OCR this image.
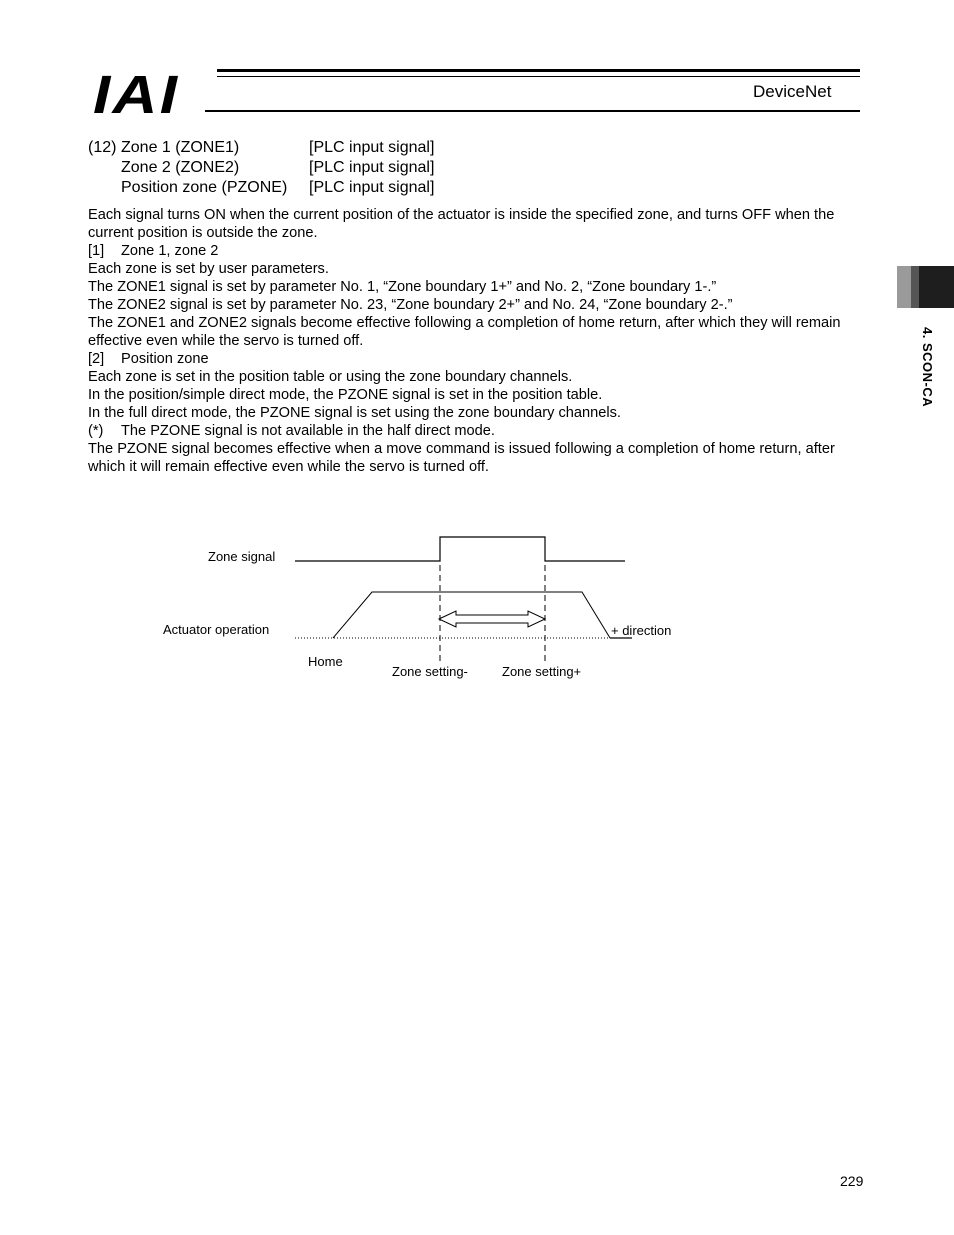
IAI	DeviceNet
4. SCON-CA
(12) Zone 1 (ZONE1)	[PLC input signal]
Zone 2 (ZONE2)	[PLC input signal]
Position zone (PZONE) [PLC input signal]

Each signal turns ON when the current position of the actuator is inside the specified zone, and turns OFF when the current position is outside the zone.

[1] Zone 1, zone 2

Each zone is set by user parameters.

The ZONE1 signal is set by parameter No. 1, “Zone boundary 1+” and No. 2, “Zone boundary 1-.”

The ZONE2 signal is set by parameter No. 23, “Zone boundary 2+” and No. 24, “Zone boundary 2-.”

The ZONE1 and ZONE2 signals become effective following a completion of home return, after which they will remain effective even while the servo is turned off.

[2] Position zone

Each zone is set in the position table or using the zone boundary channels.

In the position/simple direct mode, the PZONE signal is set in the position table.

In the full direct mode, the PZONE signal is set using the zone boundary channels.

(*) The PZONE signal is not available in the half direct mode.

The PZONE signal becomes effective when a move command is issued following a completion of home return, after which it will remain effective even while the servo is turned off.

Zone signal
Actuator operation	+ direction
Home
Zone setting-	Zone setting+
229
